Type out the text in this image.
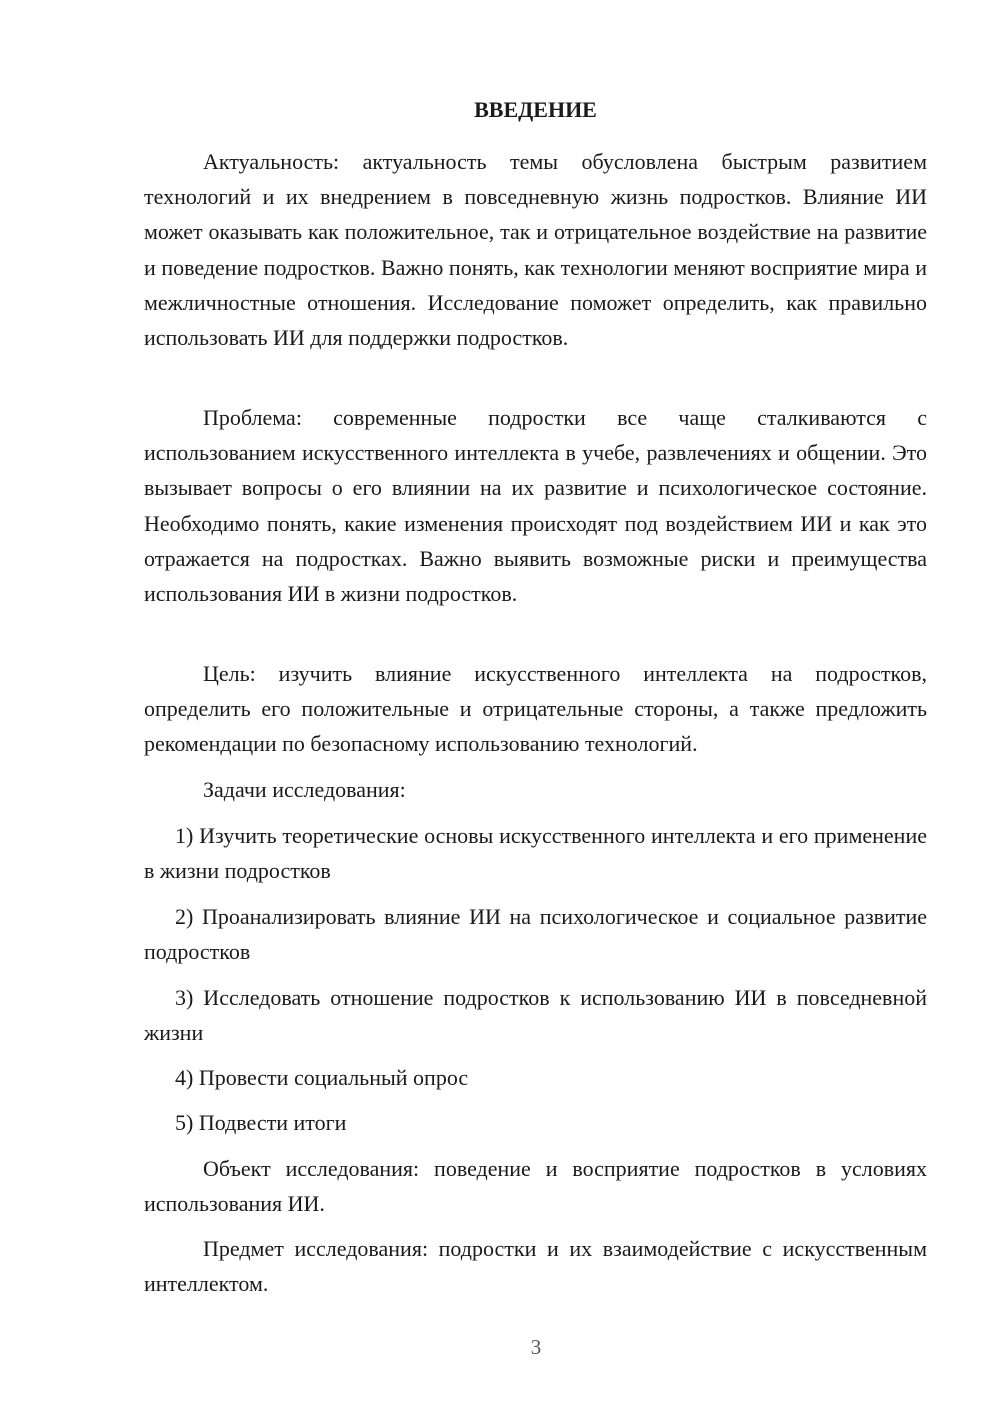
ВВЕДЕНИЕ

Актуальность: актуальность темы обусловлена быстрым развитием технологий и их внедрением в повседневную жизнь подростков. Влияние ИИ может оказывать как положительное, так и отрицательное воздействие на развитие и поведение подростков. Важно понять, как технологии меняют восприятие мира и межличностные отношения. Исследование поможет определить, как правильно использовать ИИ для поддержки подростков.

Проблема: современные подростки все чаще сталкиваются с использованием искусственного интеллекта в учебе, развлечениях и общении. Это вызывает вопросы о его влиянии на их развитие и психологическое состояние. Необходимо понять, какие изменения происходят под воздействием ИИ и как это отражается на подростках. Важно выявить возможные риски и преимущества использования ИИ в жизни подростков.

Цель: изучить влияние искусственного интеллекта на подростков, определить его положительные и отрицательные стороны, а также предложить рекомендации по безопасному использованию технологий.

Задачи исследования:

1) Изучить теоретические основы искусственного интеллекта и его применение в жизни подростков

2) Проанализировать влияние ИИ на психологическое и социальное развитие подростков

3) Исследовать отношение подростков к использованию ИИ в повседневной жизни

4) Провести социальный опрос

5) Подвести итоги

Объект исследования: поведение и восприятие подростков в условиях использования ИИ.

Предмет исследования: подростки и их взаимодействие с искусственным интеллектом.

3
